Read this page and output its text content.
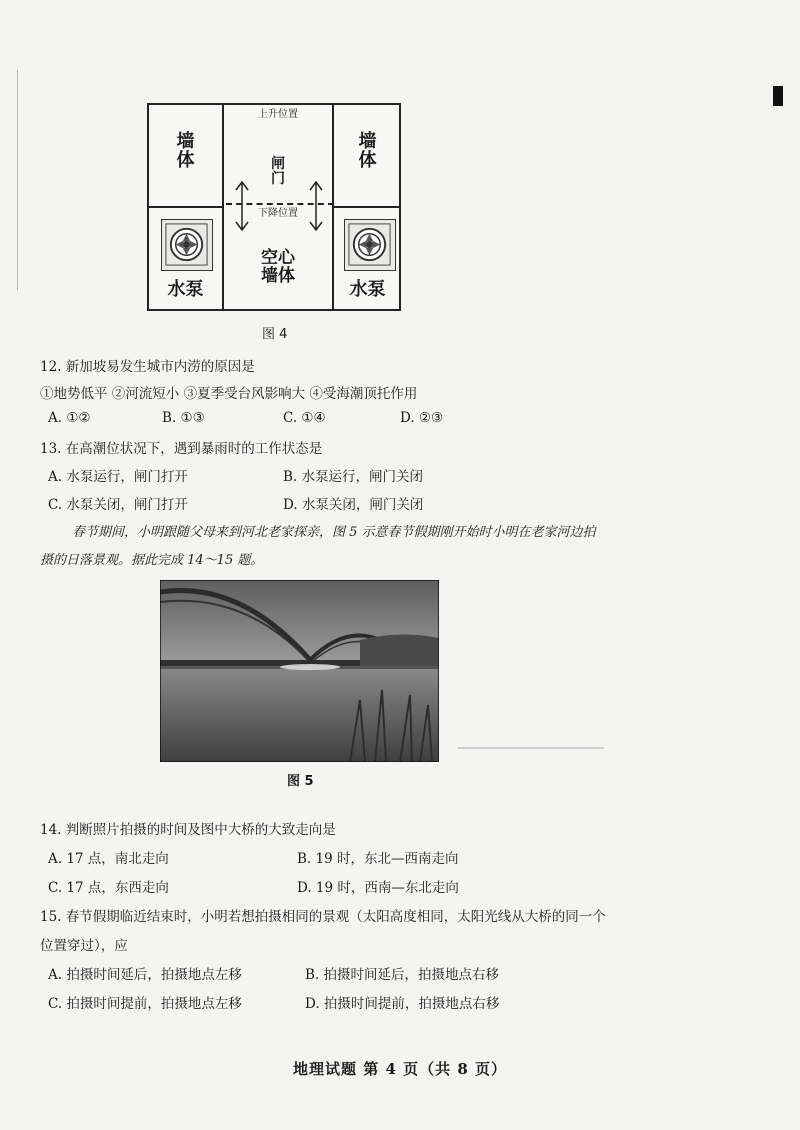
墙
体
墙
体
上升位置
闸
门
下降位置
空心
墙体
水泵	水泵
图 4
12. 新加坡易发生城市内涝的原因是
①地势低平 ②河流短小 ③夏季受台风影响大 ④受海潮顶托作用
A. ①②	B. ①③	C. ①④	D. ②③
13. 在高潮位状况下，遇到暴雨时的工作状态是
A. 水泵运行，闸门打开	B. 水泵运行，闸门关闭
C. 水泵关闭，闸门打开	D. 水泵关闭，闸门关闭
春节期间，小明跟随父母来到河北老家探亲，图 5 示意春节假期刚开始时小明在老家河边拍
摄的日落景观。据此完成 14～15 题。
图 5
14. 判断照片拍摄的时间及图中大桥的大致走向是
A. 17 点，南北走向	B. 19 时，东北—西南走向
C. 17 点，东西走向	D. 19 时，西南—东北走向
15. 春节假期临近结束时，小明若想拍摄相同的景观（太阳高度相同，太阳光线从大桥的同一个
位置穿过），应
A. 拍摄时间延后，拍摄地点左移	B. 拍摄时间延后，拍摄地点右移
C. 拍摄时间提前，拍摄地点左移	D. 拍摄时间提前，拍摄地点右移
地理试题 第 4 页（共 8 页）
